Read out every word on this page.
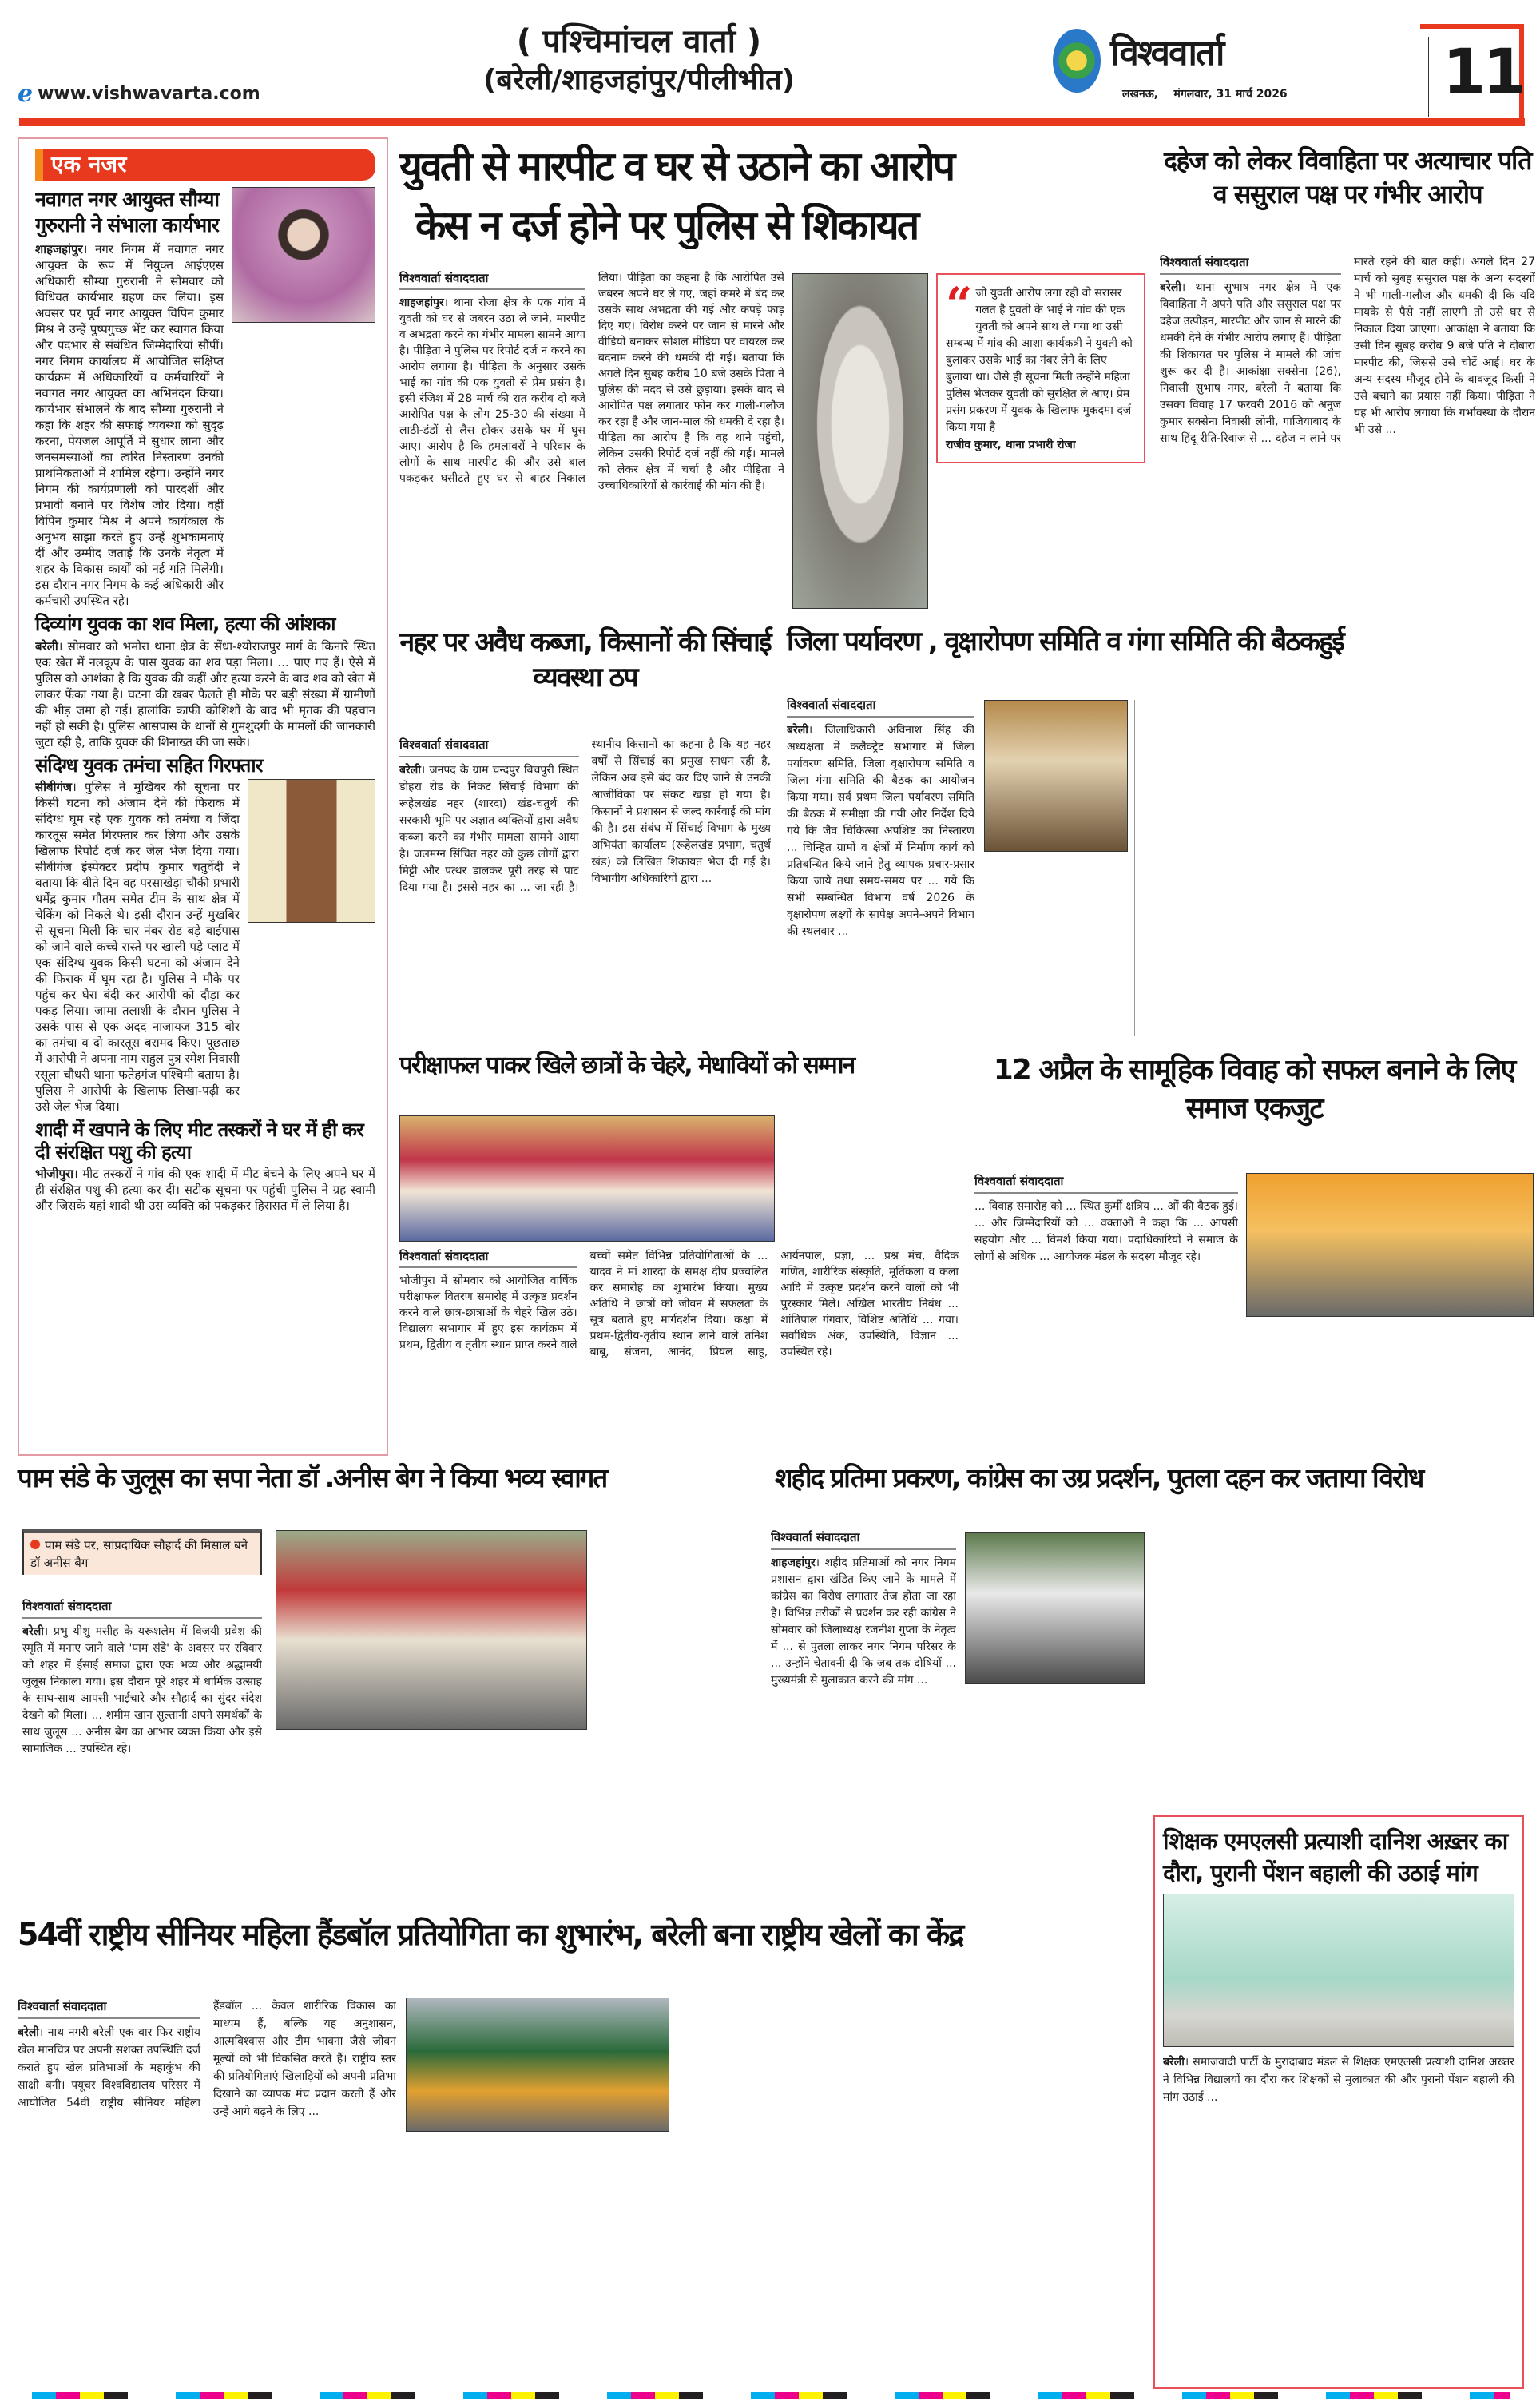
e www.vishwavarta.com
( पश्चिमांचल वार्ता )
(बरेली/शाहजहांपुर/पीलीभीत)
विश्ववार्ता
लखनऊ,    मंगलवार, 31 मार्च 2026 11
एक नजर
नवागत नगर आयुक्त सौम्या गुरुरानी ने संभाला कार्यभार
शाहजहांपुर। नगर निगम में नवागत नगर आयुक्त के रूप में नियुक्त आईएएस अधिकारी सौम्या गुरुरानी ने सोमवार को विधिवत कार्यभार ग्रहण कर लिया। इस अवसर पर पूर्व नगर आयुक्त विपिन कुमार मिश्र ने उन्हें पुष्पगुच्छ भेंट कर स्वागत किया और पदभार से संबंधित जिम्मेदारियां सौंपीं। नगर निगम कार्यालय में आयोजित संक्षिप्त कार्यक्रम में अधिकारियों व कर्मचारियों ने नवागत नगर आयुक्त का अभिनंदन किया। कार्यभार संभालने के बाद सौम्या गुरुरानी ने कहा कि शहर की सफाई व्यवस्था को सुदृढ़ करना, पेयजल आपूर्ति में सुधार लाना और जनसमस्याओं का त्वरित निस्तारण उनकी प्राथमिकताओं में शामिल रहेगा। उन्होंने नगर निगम की कार्यप्रणाली को पारदर्शी और प्रभावी बनाने पर विशेष जोर दिया। वहीं विपिन कुमार मिश्र ने अपने कार्यकाल के अनुभव साझा करते हुए उन्हें शुभकामनाएं दीं और उम्मीद जताई कि उनके नेतृत्व में शहर के विकास कार्यों को नई गति मिलेगी। इस दौरान नगर निगम के कई अधिकारी और कर्मचारी उपस्थित रहे।
दिव्यांग युवक का शव मिला, हत्या की आंशका
बरेली। सोमवार को भमोरा थाना क्षेत्र के सेंधा-श्योराजपुर मार्ग के किनारे स्थित एक खेत में नलकूप के पास युवक का शव पड़ा मिला। ... पाए गए हैं। ऐसे में पुलिस को आशंका है कि युवक की कहीं और हत्या करने के बाद शव को खेत में लाकर फेंका गया है। घटना की खबर फैलते ही मौके पर बड़ी संख्या में ग्रामीणों की भीड़ जमा हो गई। हालांकि काफी कोशिशों के बाद भी मृतक की पहचान नहीं हो सकी है। पुलिस आसपास के थानों से गुमशुदगी के मामलों की जानकारी जुटा रही है, ताकि युवक की शिनाख्त की जा सके।
संदिग्ध युवक तमंचा सहित गिरफ्तार
सीबीगंज। पुलिस ने मुखिबर की सूचना पर किसी घटना को अंजाम देने की फिराक में संदिग्ध घूम रहे एक युवक को तमंचा व जिंदा कारतूस समेत गिरफ्तार कर लिया और उसके खिलाफ रिपोर्ट दर्ज कर जेल भेज दिया गया। सीबीगंज इंस्पेक्टर प्रदीप कुमार चतुर्वेदी ने बताया कि बीते दिन वह परसाखेड़ा चौकी प्रभारी धर्मेंद्र कुमार गौतम समेत टीम के साथ क्षेत्र में चेकिंग को निकले थे। इसी दौरान उन्हें मुखबिर से सूचना मिली कि चार नंबर रोड बड़े बाईपास को जाने वाले कच्चे रास्ते पर खाली पड़े प्लाट में एक संदिग्ध युवक किसी घटना को अंजाम देने की फिराक में घूम रहा है। पुलिस ने मौके पर पहुंच कर घेरा बंदी कर आरोपी को दौड़ा कर पकड़ लिया। जामा तलाशी के दौरान पुलिस ने उसके पास से एक अदद नाजायज 315 बोर का तमंचा व दो कारतूस बरामद किए। पूछताछ में आरोपी ने अपना नाम राहुल पुत्र रमेश निवासी रसूला चौधरी थाना फतेहगंज पश्चिमी बताया है। पुलिस ने आरोपी के खिलाफ लिखा-पढ़ी कर उसे जेल भेज दिया।
शादी में खपाने के लिए मीट तस्करों ने घर में ही कर दी संरक्षित पशु की हत्या
भोजीपुरा। मीट तस्करों ने गांव की एक शादी में मीट बेचने के लिए अपने घर में ही संरक्षित पशु की हत्या कर दी। सटीक सूचना पर पहुंची पुलिस ने ग्रह स्वामी और जिसके यहां शादी थी उस व्यक्ति को पकड़कर हिरासत में ले लिया है।
युवती से मारपीट व घर से उठाने का आरोप
केस न दर्ज होने पर पुलिस से शिकायत
विश्ववार्ता संवाददाता
शाहजहांपुर। थाना रोजा क्षेत्र के एक गांव में युवती को घर से जबरन उठा ले जाने, मारपीट व अभद्रता करने का गंभीर मामला सामने आया है। पीड़िता ने पुलिस पर रिपोर्ट दर्ज न करने का आरोप लगाया है। पीड़िता के अनुसार उसके भाई का गांव की एक युवती से प्रेम प्रसंग है। इसी रंजिश में 28 मार्च की रात करीब दो बजे आरोपित पक्ष के लोग 25-30 की संख्या में लाठी-डंडों से लैस होकर उसके घर में घुस आए। आरोप है कि हमलावरों ने परिवार के लोगों के साथ मारपीट की और उसे बाल पकड़कर घसीटते हुए घर से बाहर निकाल लिया। पीड़िता का कहना है कि आरोपित उसे जबरन अपने घर ले गए, जहां कमरे में बंद कर उसके साथ अभद्रता की गई और कपड़े फाड़ दिए गए। विरोध करने पर जान से मारने और वीडियो बनाकर सोशल मीडिया पर वायरल कर बदनाम करने की धमकी दी गई। बताया कि अगले दिन सुबह करीब 10 बजे उसके पिता ने पुलिस की मदद से उसे छुड़ाया। इसके बाद से आरोपित पक्ष लगातार फोन कर गाली-गलौज कर रहा है और जान-माल की धमकी दे रहा है। पीड़िता का आरोप है कि वह थाने पहुंची, लेकिन उसकी रिपोर्ट दर्ज नहीं की गई। मामले को लेकर क्षेत्र में चर्चा है और पीड़िता ने उच्चाधिकारियों से कार्रवाई की मांग की है।
“ जो युवती आरोप लगा रही वो सरासर गलत है युवती के भाई ने गांव की एक युवती को अपने साथ ले गया था उसी सम्बन्ध में गांव की आशा कार्यकत्री ने युवती को बुलाकर उसके भाई का नंबर लेने के लिए बुलाया था। जैसे ही सूचना मिली उन्होंने महिला पुलिस भेजकर युवती को सुरक्षित ले आए। प्रेम प्रसंग प्रकरण में युवक के खिलाफ मुकदमा दर्ज किया गया है
राजीव कुमार, थाना प्रभारी रोजा
दहेज को लेकर विवाहिता पर अत्याचार पति व ससुराल पक्ष पर गंभीर आरोप
विश्ववार्ता संवाददाता
बरेली। थाना सुभाष नगर क्षेत्र में एक विवाहिता ने अपने पति और ससुराल पक्ष पर दहेज उत्पीड़न, मारपीट और जान से मारने की धमकी देने के गंभीर आरोप लगाए हैं। पीड़िता की शिकायत पर पुलिस ने मामले की जांच शुरू कर दी है। आकांक्षा सक्सेना (26), निवासी सुभाष नगर, बरेली ने बताया कि उसका विवाह 17 फरवरी 2016 को अनुज कुमार सक्सेना निवासी लोनी, गाजियाबाद के साथ हिंदू रीति-रिवाज से ... दहेज न लाने पर मारते रहने की बात कही। अगले दिन 27 मार्च को सुबह ससुराल पक्ष के अन्य सदस्यों ने भी गाली-गलौज और धमकी दी कि यदि मायके से पैसे नहीं लाएगी तो उसे घर से निकाल दिया जाएगा। आकांक्षा ने बताया कि उसी दिन सुबह करीब 9 बजे पति ने दोबारा मारपीट की, जिससे उसे चोटें आईं। घर के अन्य सदस्य मौजूद होने के बावजूद किसी ने उसे बचाने का प्रयास नहीं किया। पीड़िता ने यह भी आरोप लगाया कि गर्भावस्था के दौरान भी उसे ...
नहर पर अवैध कब्जा, किसानों की सिंचाई व्यवस्था ठप
विश्ववार्ता संवाददाता
बरेली। जनपद के ग्राम चन्दपुर बिचपुरी स्थित डोहरा रोड के निकट सिंचाई विभाग की रूहेलखंड नहर (शारदा) खंड-चतुर्थ की सरकारी भूमि पर अज्ञात व्यक्तियों द्वारा अवैध कब्जा करने का गंभीर मामला सामने आया है। जलमग्न सिंचित नहर को कुछ लोगों द्वारा मिट्टी और पत्थर डालकर पूरी तरह से पाट दिया गया है। इससे नहर का ... जा रही है। स्थानीय किसानों का कहना है कि यह नहर वर्षों से सिंचाई का प्रमुख साधन रही है, लेकिन अब इसे बंद कर दिए जाने से उनकी आजीविका पर संकट खड़ा हो गया है। किसानों ने प्रशासन से जल्द कार्रवाई की मांग की है। इस संबंध में सिंचाई विभाग के मुख्य अभियंता कार्यालय (रूहेलखंड प्रभाग, चतुर्थ खंड) को लिखित शिकायत भेज दी गई है। विभागीय अधिकारियों द्वारा ...
जिला पर्यावरण , वृक्षारोपण समिति व गंगा समिति की बैठकहुई
विश्ववार्ता संवाददाता
बरेली। जिलाधिकारी अविनाश सिंह की अध्यक्षता में कलैक्ट्रेट सभागार में जिला पर्यावरण समिति, जिला वृक्षारोपण समिति व जिला गंगा समिति की बैठक का आयोजन किया गया। सर्व प्रथम जिला पर्यावरण समिति की बैठक में समीक्षा की गयी और निर्देश दिये गये कि जैव चिकित्सा अपशिष्ट का निस्तारण ... चिन्हित ग्रामों व क्षेत्रों में निर्माण कार्य को प्रतिबन्धित किये जाने हेतु व्यापक प्रचार-प्रसार किया जाये तथा समय-समय पर ... गये कि सभी सम्बन्धित विभाग वर्ष 2026 के वृक्षारोपण लक्ष्यों के सापेक्ष अपने-अपने विभाग की स्थलवार ...
परीक्षाफल पाकर खिले छात्रों के चेहरे, मेधावियों को सम्मान
विश्ववार्ता संवाददाता
भोजीपुरा में सोमवार को आयोजित वार्षिक परीक्षाफल वितरण समारोह में उत्कृष्ट प्रदर्शन करने वाले छात्र-छात्राओं के चेहरे खिल उठे। विद्यालय सभागार में हुए इस कार्यक्रम में प्रथम, द्वितीय व तृतीय स्थान प्राप्त करने वाले बच्चों समेत विभिन्न प्रतियोगिताओं के ... यादव ने मां शारदा के समक्ष दीप प्रज्वलित कर समारोह का शुभारंभ किया। मुख्य अतिथि ने छात्रों को जीवन में सफलता के सूत्र बताते हुए मार्गदर्शन दिया। कक्षा में प्रथम-द्वितीय-तृतीय स्थान लाने वाले तनिश बाबू, संजना, आनंद, प्रियल साहू, आर्यनपाल, प्रज्ञा, ... प्रश्न मंच, वैदिक गणित, शारीरिक संस्कृति, मूर्तिकला व कला आदि में उत्कृष्ट प्रदर्शन करने वालों को भी पुरस्कार मिले। अखिल भारतीय निबंध ... शांतिपाल गंगवार, विशिष्ट अतिथि ... गया। सर्वाधिक अंक, उपस्थिति, विज्ञान ... उपस्थित रहे।
12 अप्रैल के सामूहिक विवाह को सफल बनाने के लिए समाज एकजुट
विश्ववार्ता संवाददाता
... विवाह समारोह को ... स्थित कुर्मी क्षत्रिय ... ओं की बैठक हुई। ... और जिम्मेदारियों को ... वक्ताओं ने कहा कि ... आपसी सहयोग और ... विमर्श किया गया। पदाधिकारियों ने समाज के लोगों से अधिक ... आयोजक मंडल के सदस्य मौजूद रहे।
पाम संडे के जुलूस का सपा नेता डॉ .अनीस बेग ने किया भव्य स्वागत
पाम संडे पर, सांप्रदायिक सौहार्द की मिसाल बने डॉ अनीस बैग
विश्ववार्ता संवाददाता
बरेली। प्रभु यीशु मसीह के यरूशलेम में विजयी प्रवेश की स्मृति में मनाए जाने वाले 'पाम संडे' के अवसर पर रविवार को शहर में ईसाई समाज द्वारा एक भव्य और श्रद्धामयी जुलूस निकाला गया। इस दौरान पूरे शहर में धार्मिक उत्साह के साथ-साथ आपसी भाईचारे और सौहार्द का सुंदर संदेश देखने को मिला। ... शमीम खान सुल्तानी अपने समर्थकों के साथ जुलूस ... अनीस बेग का आभार व्यक्त किया और इसे सामाजिक ... उपस्थित रहे।
शहीद प्रतिमा प्रकरण, कांग्रेस का उग्र प्रदर्शन, पुतला दहन कर जताया विरोध
विश्ववार्ता संवाददाता
शाहजहांपुर। शहीद प्रतिमाओं को नगर निगम प्रशासन द्वारा खंडित किए जाने के मामले में कांग्रेस का विरोध लगातार तेज होता जा रहा है। विभिन्न तरीकों से प्रदर्शन कर रही कांग्रेस ने सोमवार को जिलाध्यक्ष रजनीश गुप्ता के नेतृत्व में ... से पुतला लाकर नगर निगम परिसर के ... उन्होंने चेतावनी दी कि जब तक दोषियों ... मुख्यमंत्री से मुलाकात करने की मांग ...
शिक्षक एमएलसी प्रत्याशी दानिश अख़्तर का दौरा, पुरानी पेंशन बहाली की उठाई मांग
बरेली। समाजवादी पार्टी के मुरादाबाद मंडल से शिक्षक एमएलसी प्रत्याशी दानिश अख़्तर ने विभिन्न विद्यालयों का दौरा कर शिक्षकों से मुलाकात की और पुरानी पेंशन बहाली की मांग उठाई ...
54वीं राष्ट्रीय सीनियर महिला हैंडबॉल प्रतियोगिता का शुभारंभ, बरेली बना राष्ट्रीय खेलों का केंद्र
विश्ववार्ता संवाददाता
बरेली। नाथ नगरी बरेली एक बार फिर राष्ट्रीय खेल मानचित्र पर अपनी सशक्त उपस्थिति दर्ज कराते हुए खेल प्रतिभाओं के महाकुंभ की साक्षी बनी। फ्यूचर विश्वविद्यालय परिसर में आयोजित 54वीं राष्ट्रीय सीनियर महिला हैंडबॉल ... केवल शारीरिक विकास का माध्यम हैं, बल्कि यह अनुशासन, आत्मविश्वास और टीम भावना जैसे जीवन मूल्यों को भी विकसित करते हैं। राष्ट्रीय स्तर की प्रतियोगिताएं खिलाड़ियों को अपनी प्रतिभा दिखाने का व्यापक मंच प्रदान करती हैं और उन्हें आगे बढ़ने के लिए ...
